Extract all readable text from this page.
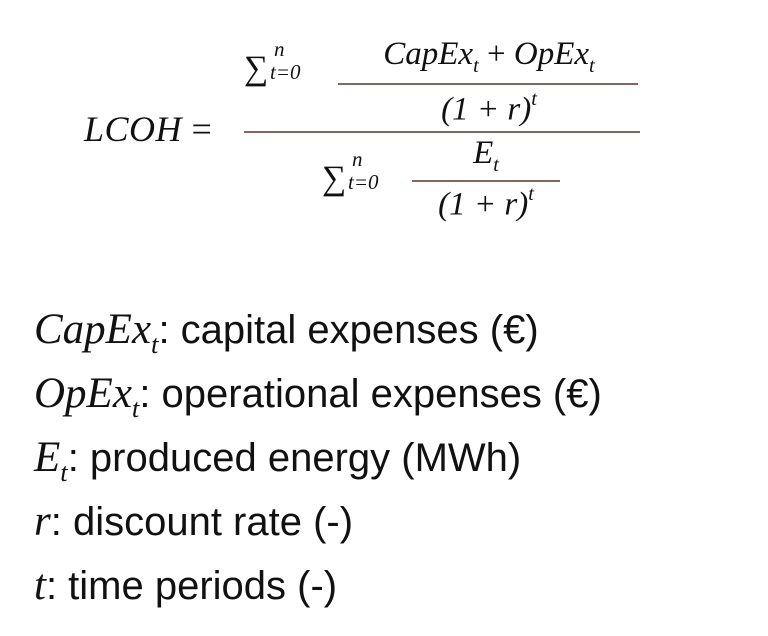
LCOH =
∑
n
t=0	CapEx$_t$ + OpEx$_t$
$(1 + r)^t$
∑
n
t=0
$E_t$
$(1 + r)^t$
CapEx$_t$: capital expenses (€)
OpEx$_t$: operational expenses (€)
$E_t$: produced energy (MWh)
r: discount rate (-)
t: time periods (-)
